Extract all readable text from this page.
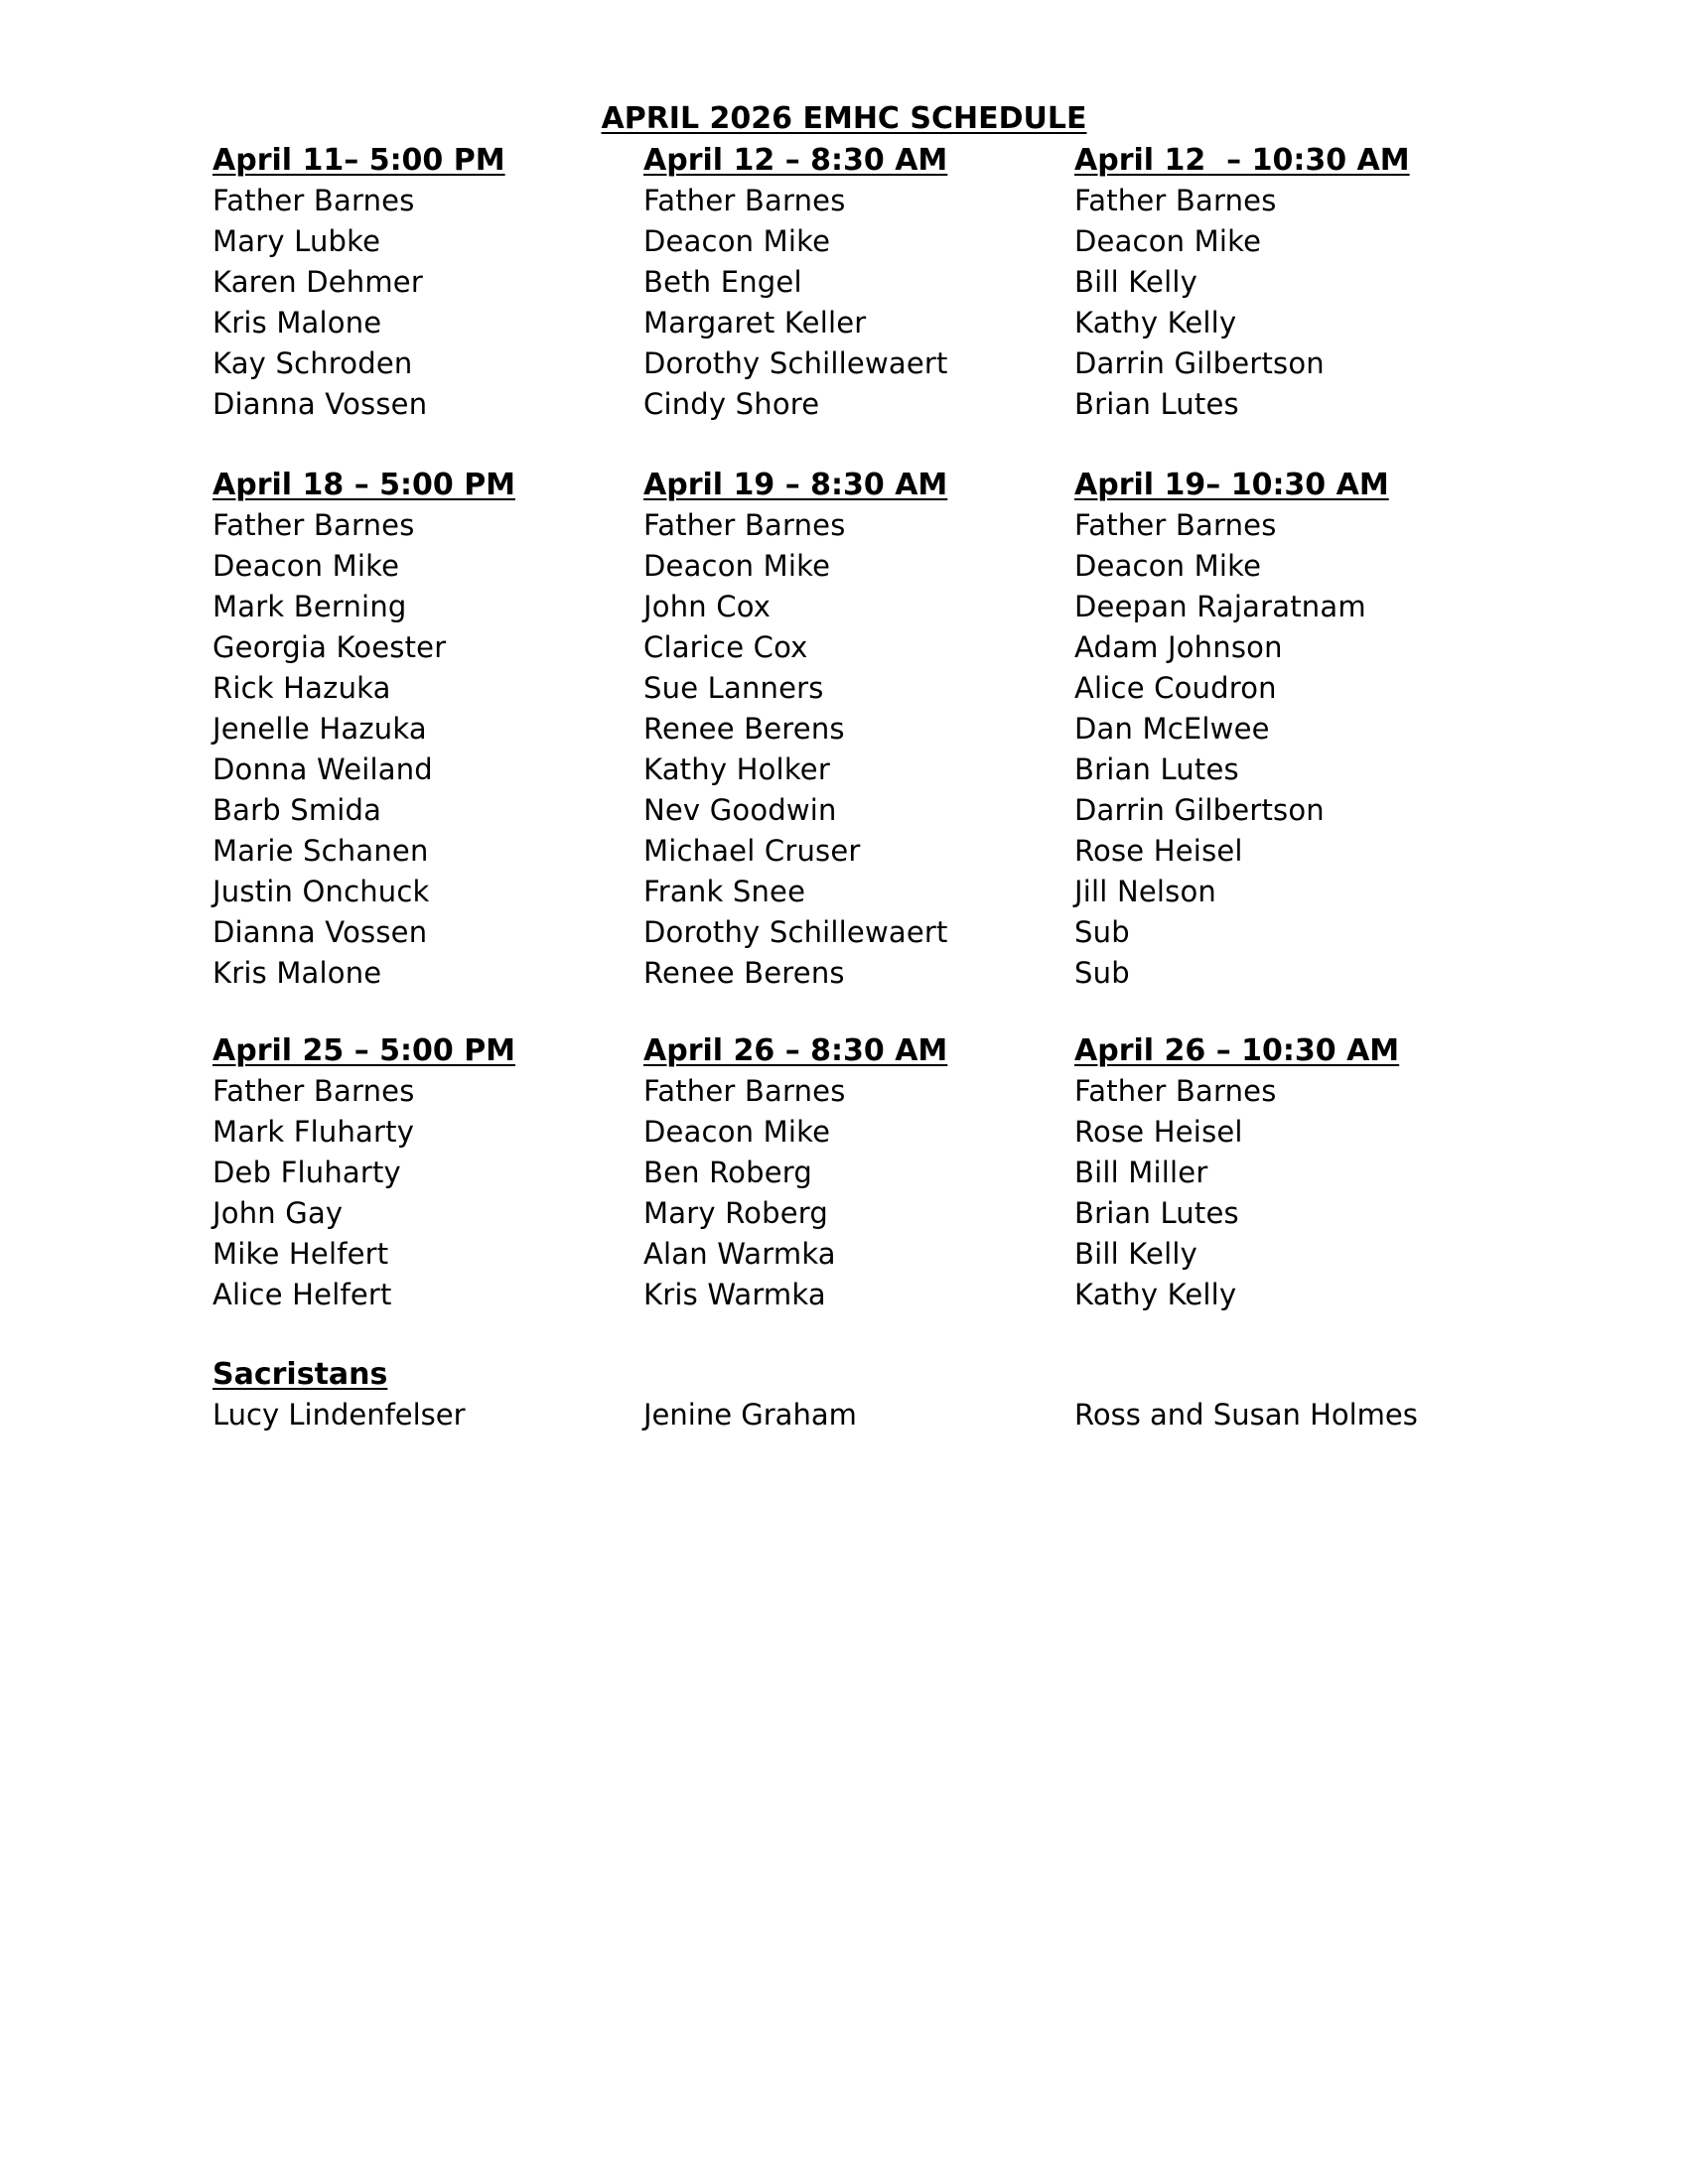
APRIL 2026 EMHC SCHEDULE
April 11– 5:00 PM
Father Barnes
Mary Lubke
Karen Dehmer
Kris Malone
Kay Schroden
Dianna Vossen
April 12 – 8:30 AM
Father Barnes
Deacon Mike
Beth Engel
Margaret Keller
Dorothy Schillewaert
Cindy Shore
April 12  – 10:30 AM
Father Barnes
Deacon Mike
Bill Kelly
Kathy Kelly
Darrin Gilbertson
Brian Lutes
April 18 – 5:00 PM
Father Barnes
Deacon Mike
Mark Berning
Georgia Koester
Rick Hazuka
Jenelle Hazuka
Donna Weiland
Barb Smida
Marie Schanen
Justin Onchuck
Dianna Vossen
Kris Malone
April 19 – 8:30 AM
Father Barnes
Deacon Mike
John Cox
Clarice Cox
Sue Lanners
Renee Berens
Kathy Holker
Nev Goodwin
Michael Cruser
Frank Snee
Dorothy Schillewaert
Renee Berens
April 19– 10:30 AM
Father Barnes
Deacon Mike
Deepan Rajaratnam
Adam Johnson
Alice Coudron
Dan McElwee
Brian Lutes
Darrin Gilbertson
Rose Heisel
Jill Nelson
Sub
Sub
April 25 – 5:00 PM
Father Barnes
Mark Fluharty
Deb Fluharty
John Gay
Mike Helfert
Alice Helfert
April 26 – 8:30 AM
Father Barnes
Deacon Mike
Ben Roberg
Mary Roberg
Alan Warmka
Kris Warmka
April 26 – 10:30 AM
Father Barnes
Rose Heisel
Bill Miller
Brian Lutes
Bill Kelly
Kathy Kelly
Sacristans
Lucy Lindenfelser	Jenine Graham	Ross and Susan Holmes
